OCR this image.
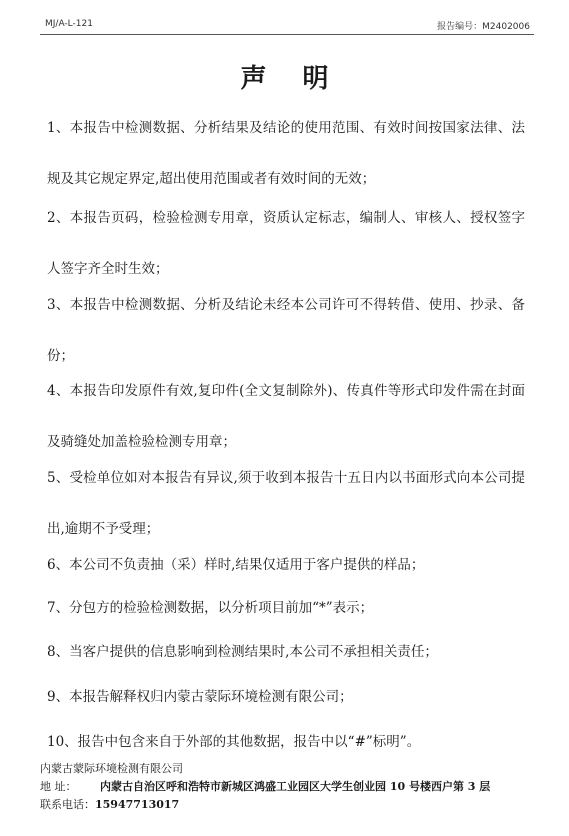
MJ/A-L-121	报告编号：M2402006
声明
1、本报告中检测数据、分析结果及结论的使用范围、有效时间按国家法律、法规及其它规定界定,超出使用范围或者有效时间的无效；
2、本报告页码，检验检测专用章，资质认定标志，编制人、审核人、授权签字人签字齐全时生效；
3、本报告中检测数据、分析及结论未经本公司许可不得转借、使用、抄录、备份；
4、本报告印发原件有效,复印件(全文复制除外)、传真件等形式印发件需在封面及骑缝处加盖检验检测专用章；
5、受检单位如对本报告有异议,须于收到本报告十五日内以书面形式向本公司提出,逾期不予受理；
6、本公司不负责抽（采）样时,结果仅适用于客户提供的样品；
7、分包方的检验检测数据，以分析项目前加“*”表示；
8、当客户提供的信息影响到检测结果时,本公司不承担相关责任；
9、本报告解释权归内蒙古蒙际环境检测有限公司；
10、报告中包含来自于外部的其他数据，报告中以“#”标明”。
内蒙古蒙际环境检测有限公司
地 址： 内蒙古自治区呼和浩特市新城区鸿盛工业园区大学生创业园 10 号楼西户第 3 层
联系电话：15947713017
